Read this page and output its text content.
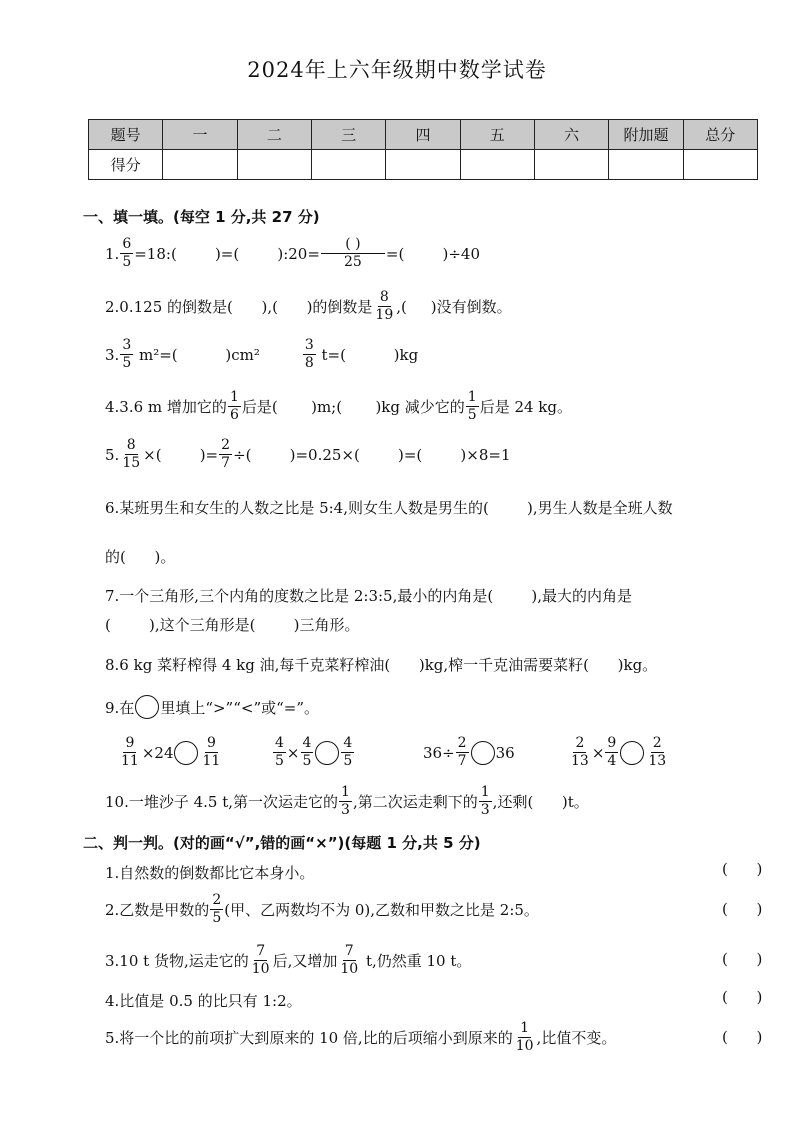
2024年上六年级期中数学试卷
题号	一	二	三	四	五	六	附加题	总分
得分								
一、填一填。(每空 1 分,共 27 分)
1. $\frac{6}{5}$ =18:(        )=(        ):20= $\frac{( )}{25}$ =(        )÷40
2.0.125 的倒数是(      ),(      )的倒数是 $\frac{8}{19}$ ,(     )没有倒数。
3. $\frac{3}{5} m^2=$(          )cm²	$\frac{3}{8} t=$(          )kg
4.3.6 m 增加它的 $\frac{1}{6}$ 后是(       )m;(       )kg 减少它的 $\frac{1}{5}$ 后是 24 kg。
5. $\frac{8}{15}$ ×(        )= $\frac{2}{7}$ ÷(        )=0.25×(        )=(        )×8=1
6.某班男生和女生的人数之比是 5:4,则女生人数是男生的(        ),男生人数是全班人数
的(      )。
7.一个三角形,三个内角的度数之比是 2:3:5,最小的内角是(        ),最大的内角是
(        ),这个三角形是(        )三角形。
8.6 kg 菜籽榨得 4 kg 油,每千克菜籽榨油(      )kg,榨一千克油需要菜籽(      )kg。
9.在 里填上“>”“<”或“=”。
$\frac{9}{11} \times 24 \frac{9}{11}$	$\frac{4}{5} \times \frac{4}{5} \frac{4}{5}$	$36\div \frac{2}{7} 36$	$\frac{2}{13} \times \frac{9}{4} \frac{2}{13}$
10.一堆沙子 4.5 t,第一次运走它的 $\frac{1}{3}$ ,第二次运走剩下的 $\frac{1}{3}$ ,还剩(      )t。
二、判一判。(对的画“√”,错的画“×”)(每题 1 分,共 5 分)
1.自然数的倒数都比它本身小。	(      )
2.乙数是甲数的 $\frac{2}{5}$ (甲、乙两数均不为 0),乙数和甲数之比是 2:5。	(      )
3.10 t 货物,运走它的 $\frac{7}{10}$ 后,又增加 $\frac{7}{10} t$,仍然重 10 t。	(      )
4.比值是 0.5 的比只有 1:2。	(      )
5.将一个比的前项扩大到原来的 10 倍,比的后项缩小到原来的 $\frac{1}{10}$ ,比值不变。	(      )
